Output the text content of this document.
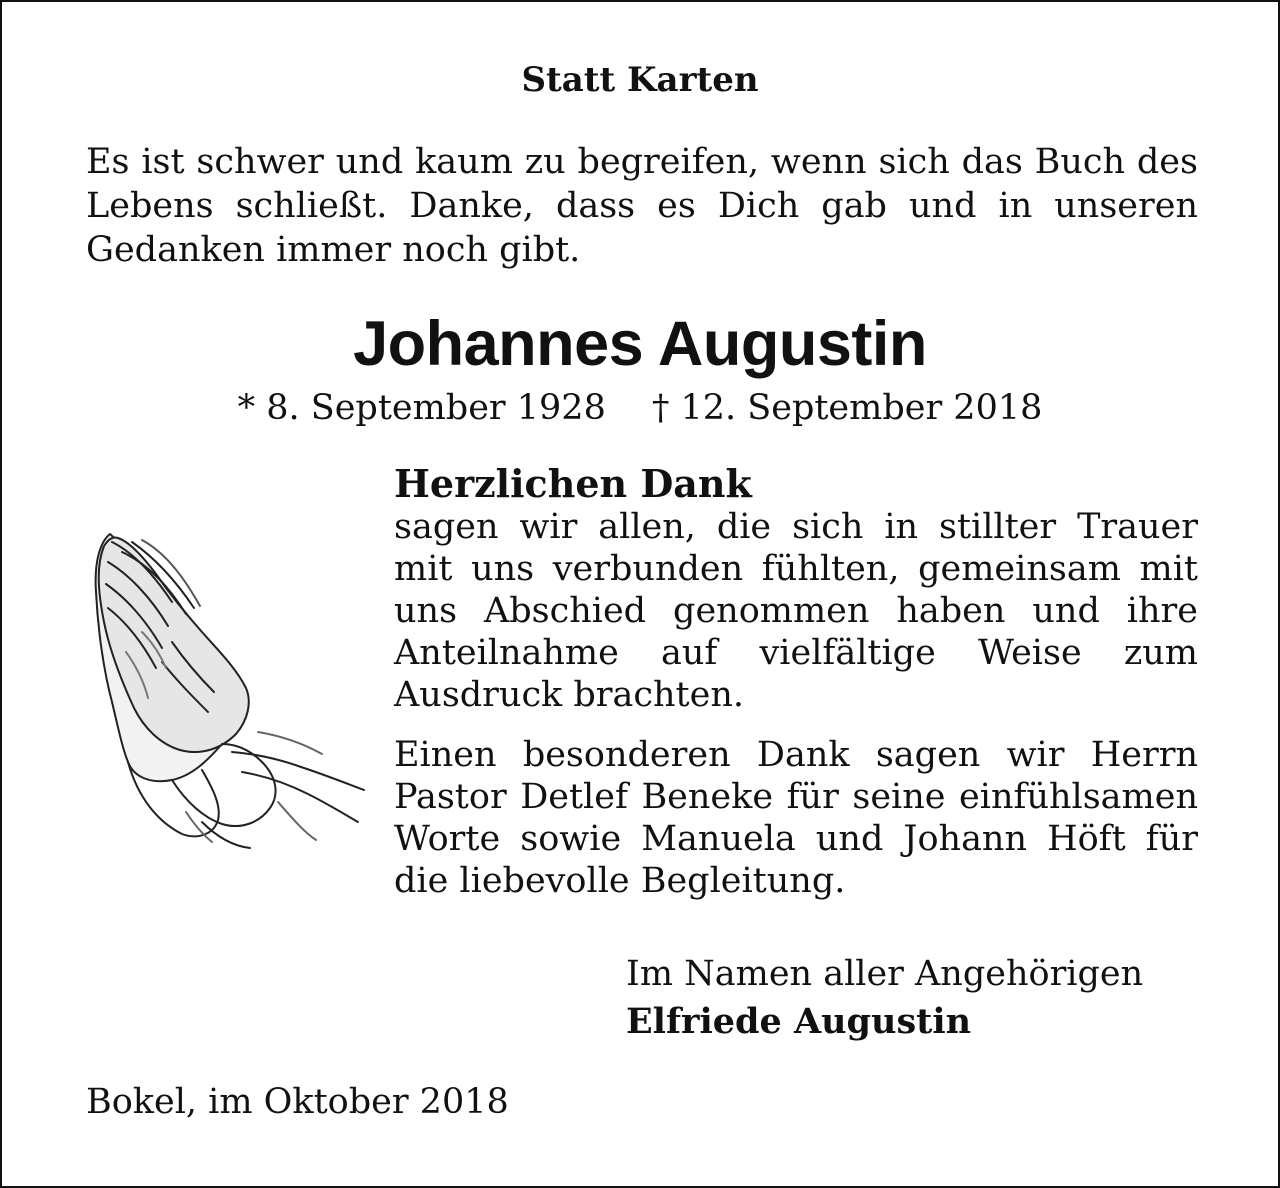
Statt Karten
Es ist schwer und kaum zu begreifen, wenn sich das Buch des Lebens schließt. Danke, dass es Dich gab und in unseren Gedanken immer noch gibt.
Johannes Augustin
* 8. September 1928 † 12. September 2018
Herzlichen Dank

sagen wir allen, die sich in stillter Trauer mit uns verbunden fühlten, gemeinsam mit uns Abschied genommen haben und ihre Anteilnahme auf vielfältige Weise zum Ausdruck brachten.

Einen besonderen Dank sagen wir Herrn Pastor Detlef Beneke für seine einfühlsamen Worte sowie Manuela und Johann Höft für die liebevolle Begleitung.

Im Namen aller Angehörigen
Elfriede Augustin
Bokel, im Oktober 2018
